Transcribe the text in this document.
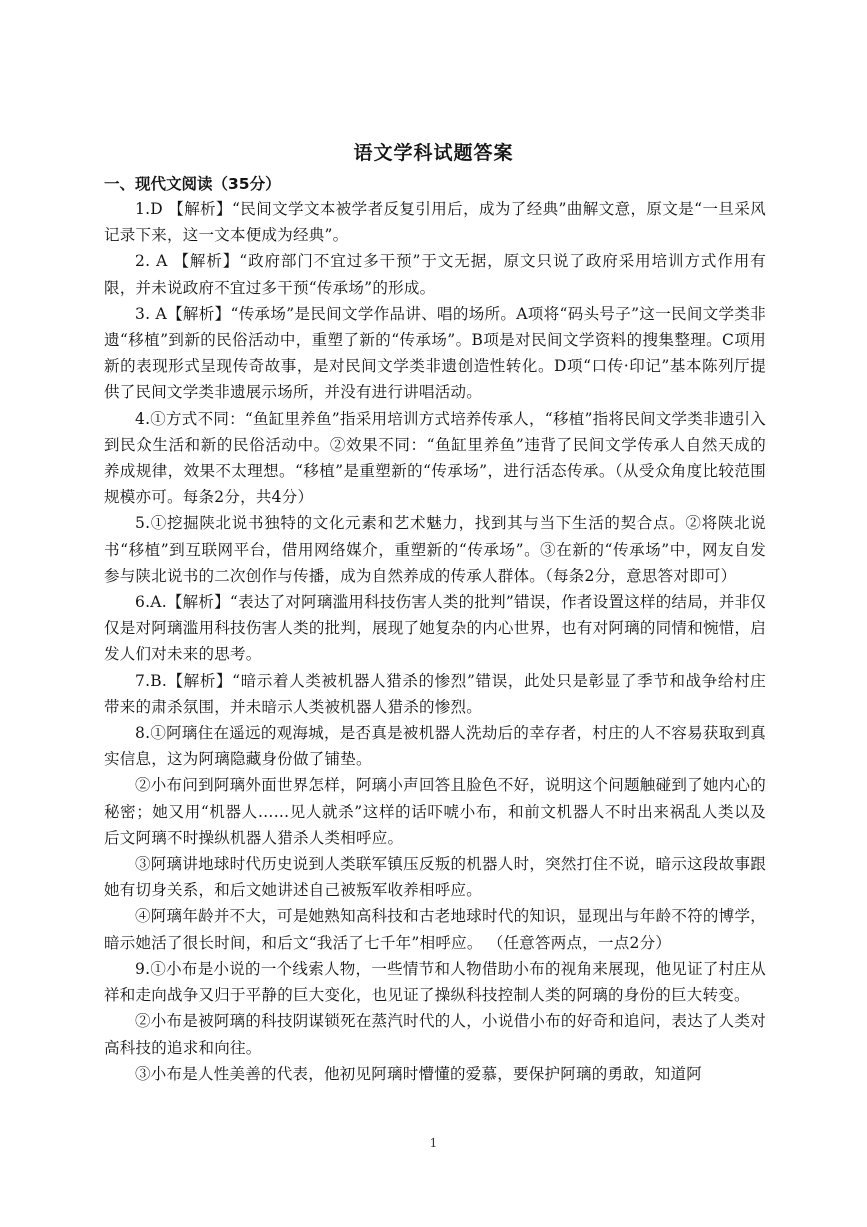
语文学科试题答案
一、现代文阅读（35分）

1.D 【解析】“民间文学文本被学者反复引用后，成为了经典”曲解文意，原文是“一旦采风记录下来，这一文本便成为经典”。

2. A 【解析】“政府部门不宜过多干预”于文无据，原文只说了政府采用培训方式作用有限，并未说政府不宜过多干预“传承场”的形成。

3. A【解析】“传承场”是民间文学作品讲、唱的场所。A项将“码头号子”这一民间文学类非遗“移植”到新的民俗活动中，重塑了新的“传承场”。B项是对民间文学资料的搜集整理。C项用新的表现形式呈现传奇故事，是对民间文学类非遗创造性转化。D项“口传·印记”基本陈列厅提供了民间文学类非遗展示场所，并没有进行讲唱活动。

4.①方式不同：“鱼缸里养鱼”指采用培训方式培养传承人，“移植”指将民间文学类非遗引入到民众生活和新的民俗活动中。②效果不同：“鱼缸里养鱼”违背了民间文学传承人自然天成的养成规律，效果不太理想。“移植”是重塑新的“传承场”，进行活态传承。（从受众角度比较范围规模亦可。每条2分，共4分）

5.①挖掘陕北说书独特的文化元素和艺术魅力，找到其与当下生活的契合点。②将陕北说书“移植”到互联网平台，借用网络媒介，重塑新的“传承场”。③在新的“传承场”中，网友自发参与陕北说书的二次创作与传播，成为自然养成的传承人群体。（每条2分，意思答对即可）

6.A.【解析】“表达了对阿璃滥用科技伤害人类的批判”错误，作者设置这样的结局，并非仅仅是对阿璃滥用科技伤害人类的批判，展现了她复杂的内心世界，也有对阿璃的同情和惋惜，启发人们对未来的思考。

7.B.【解析】“暗示着人类被机器人猎杀的惨烈”错误，此处只是彰显了季节和战争给村庄带来的肃杀氛围，并未暗示人类被机器人猎杀的惨烈。

8.①阿璃住在遥远的观海城，是否真是被机器人洗劫后的幸存者，村庄的人不容易获取到真实信息，这为阿璃隐藏身份做了铺垫。

②小布问到阿璃外面世界怎样，阿璃小声回答且脸色不好，说明这个问题触碰到了她内心的秘密；她又用“机器人……见人就杀”这样的话吓唬小布，和前文机器人不时出来祸乱人类以及后文阿璃不时操纵机器人猎杀人类相呼应。

③阿璃讲地球时代历史说到人类联军镇压反叛的机器人时，突然打住不说，暗示这段故事跟她有切身关系，和后文她讲述自己被叛军收养相呼应。

④阿璃年龄并不大，可是她熟知高科技和古老地球时代的知识，显现出与年龄不符的博学，暗示她活了很长时间，和后文“我活了七千年”相呼应。 （任意答两点，一点2分）

9.①小布是小说的一个线索人物，一些情节和人物借助小布的视角来展现，他见证了村庄从祥和走向战争又归于平静的巨大变化，也见证了操纵科技控制人类的阿璃的身份的巨大转变。

②小布是被阿璃的科技阴谋锁死在蒸汽时代的人，小说借小布的好奇和追问，表达了人类对高科技的追求和向往。

③小布是人性美善的代表，他初见阿璃时懵懂的爱慕，要保护阿璃的勇敢，知道阿

1
